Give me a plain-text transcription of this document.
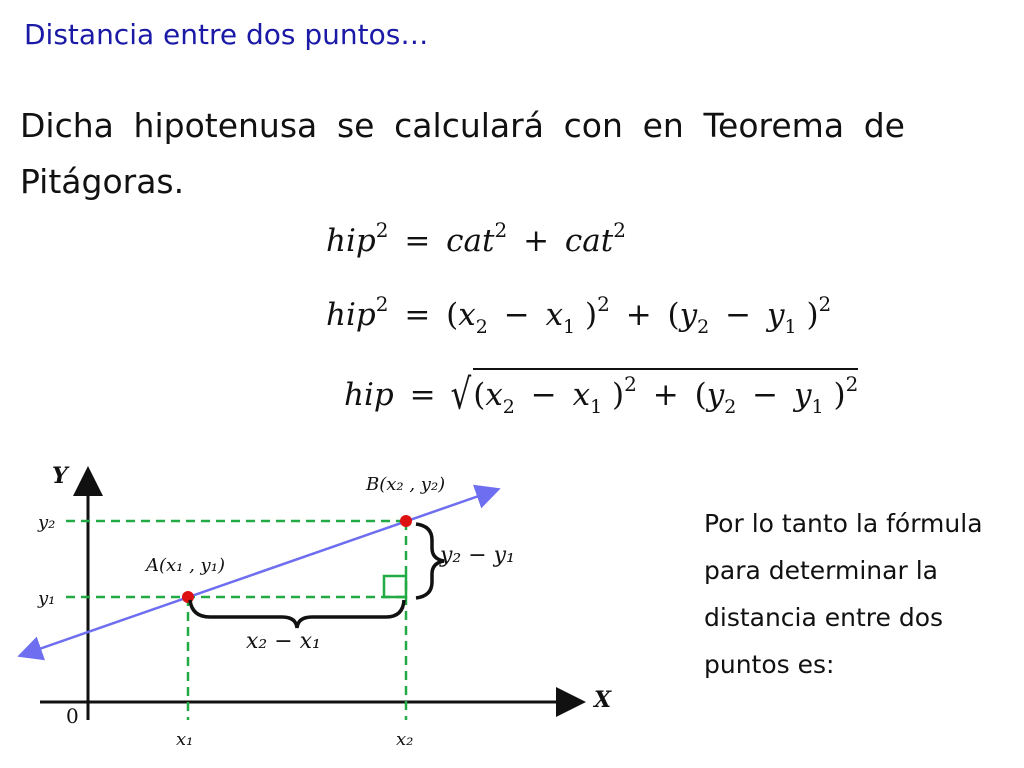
Distancia entre dos puntos…
Dicha hipotenusa se calculará con en Teorema de Pitágoras.
hip$^2$ = cat$^2$ + cat$^2$
$hip^2 = (x_2 - x_1$ )$^2 + (y_2 - y_1$ )$^2$
hip = $√(x_2 - x_1$ )$^2 + (y_2 - y_1$ )$^2$
Y
X
0
y₂
y₁
x₁	x₂
A(x₁ , y₁)
B(x₂ , y₂)
x₂ − x₁
y₂ − y₁
Por lo tanto la fórmula para determinar la distancia entre dos puntos es:
